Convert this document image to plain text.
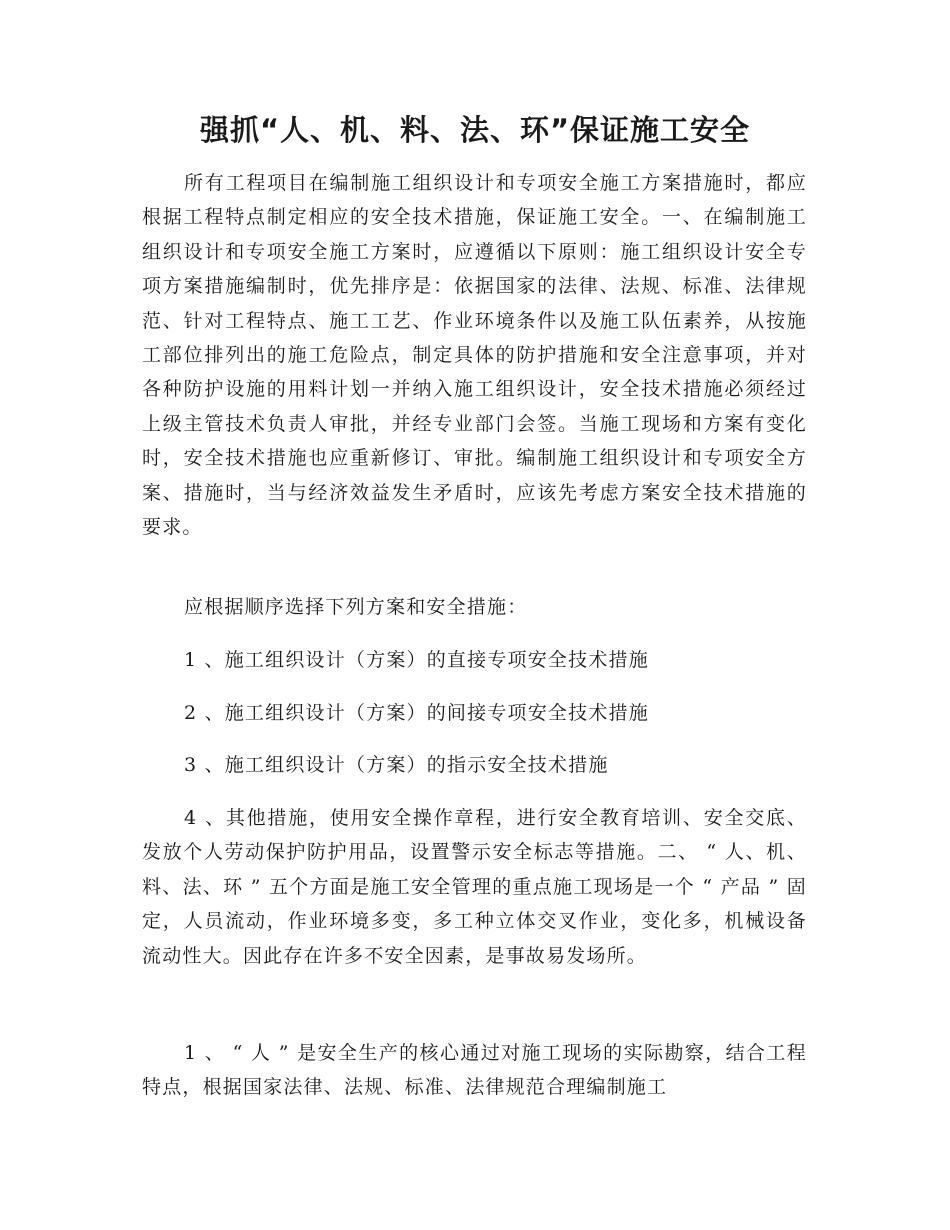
强抓“人、机、料、法、环”保证施工安全

所有工程项目在编制施工组织设计和专项安全施工方案措施时，都应根据工程特点制定相应的安全技术措施，保证施工安全。一、在编制施工组织设计和专项安全施工方案时，应遵循以下原则：施工组织设计安全专项方案措施编制时，优先排序是：依据国家的法律、法规、标准、法律规范、针对工程特点、施工工艺、作业环境条件以及施工队伍素养，从按施工部位排列出的施工危险点，制定具体的防护措施和安全注意事项，并对各种防护设施的用料计划一并纳入施工组织设计，安全技术措施必须经过上级主管技术负责人审批，并经专业部门会签。当施工现场和方案有变化时，安全技术措施也应重新修订、审批。编制施工组织设计和专项安全方案、措施时，当与经济效益发生矛盾时，应该先考虑方案安全技术措施的要求。

应根据顺序选择下列方案和安全措施：

1 、施工组织设计（方案）的直接专项安全技术措施

2 、施工组织设计（方案）的间接专项安全技术措施

3 、施工组织设计（方案）的指示安全技术措施

4 、其他措施，使用安全操作章程，进行安全教育培训、安全交底、发放个人劳动保护防护用品，设置警示安全标志等措施。二、 “ 人、机、料、法、环 ” 五个方面是施工安全管理的重点施工现场是一个 “ 产品 ” 固定，人员流动，作业环境多变，多工种立体交叉作业，变化多，机械设备流动性大。因此存在许多不安全因素，是事故易发场所。

1 、 “ 人 ” 是安全生产的核心通过对施工现场的实际勘察，结合工程特点，根据国家法律、法规、标准、法律规范合理编制施工
